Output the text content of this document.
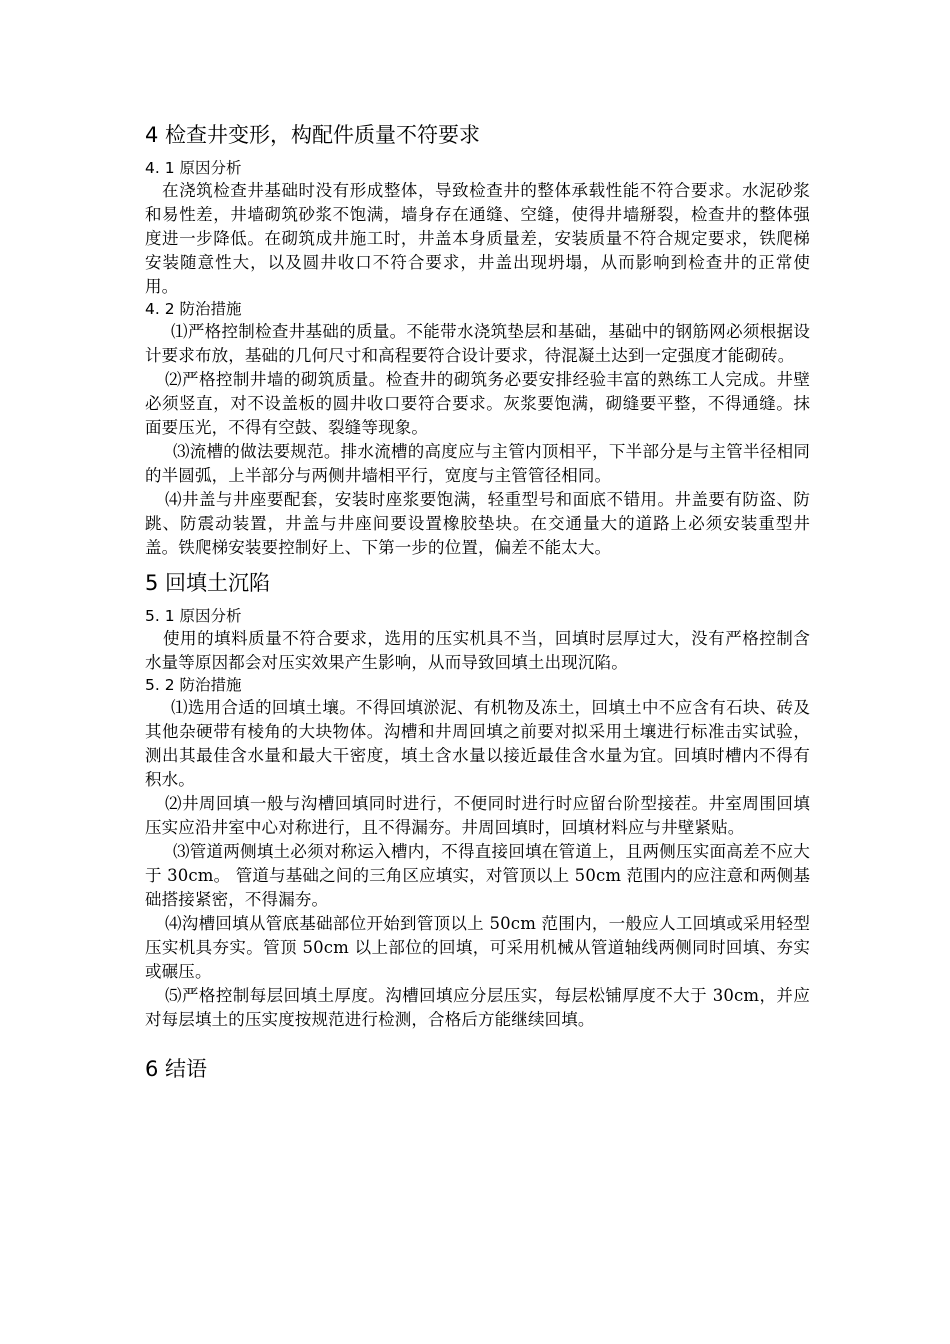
4 检查井变形，构配件质量不符要求
4. 1 原因分析

在浇筑检查井基础时没有形成整体，导致检查井的整体承载性能不符合要求。水泥砂浆和易性差，井墙砌筑砂浆不饱满，墙身存在通缝、空缝，使得井墙掰裂，检查井的整体强度进一步降低。在砌筑成井施工时，井盖本身质量差，安装质量不符合规定要求，铁爬梯安装随意性大，以及圆井收口不符合要求，井盖出现坍塌，从而影响到检查井的正常使用。

4. 2 防治措施

⑴严格控制检查井基础的质量。不能带水浇筑垫层和基础，基础中的钢筋网必须根据设计要求布放，基础的几何尺寸和高程要符合设计要求，待混凝土达到一定强度才能砌砖。

⑵严格控制井墙的砌筑质量。检查井的砌筑务必要安排经验丰富的熟练工人完成。井壁必须竖直，对不设盖板的圆井收口要符合要求。灰浆要饱满，砌缝要平整，不得通缝。抹面要压光，不得有空鼓、裂缝等现象。

⑶流槽的做法要规范。排水流槽的高度应与主管内顶相平，下半部分是与主管半径相同的半圆弧，上半部分与两侧井墙相平行，宽度与主管管径相同。

⑷井盖与井座要配套，安装时座浆要饱满，轻重型号和面底不错用。井盖要有防盗、防跳、防震动装置，井盖与井座间要设置橡胶垫块。在交通量大的道路上必须安装重型井盖。铁爬梯安装要控制好上、下第一步的位置，偏差不能太大。

5 回填土沉陷
5. 1 原因分析

使用的填料质量不符合要求，选用的压实机具不当，回填时层厚过大，没有严格控制含水量等原因都会对压实效果产生影响，从而导致回填土出现沉陷。

5. 2 防治措施

⑴选用合适的回填土壤。不得回填淤泥、有机物及冻土，回填土中不应含有石块、砖及其他杂硬带有棱角的大块物体。沟槽和井周回填之前要对拟采用土壤进行标准击实试验，测出其最佳含水量和最大干密度，填土含水量以接近最佳含水量为宜。回填时槽内不得有积水。

⑵井周回填一般与沟槽回填同时进行，不便同时进行时应留台阶型接茬。井室周围回填压实应沿井室中心对称进行，且不得漏夯。井周回填时，回填材料应与井壁紧贴。

⑶管道两侧填土必须对称运入槽内，不得直接回填在管道上，且两侧压实面高差不应大于 30cm。 管道与基础之间的三角区应填实，对管顶以上 50cm 范围内的应注意和两侧基础搭接紧密，不得漏夯。

⑷沟槽回填从管底基础部位开始到管顶以上 50cm 范围内，一般应人工回填或采用轻型压实机具夯实。管顶 50cm 以上部位的回填，可采用机械从管道轴线两侧同时回填、夯实或碾压。

⑸严格控制每层回填土厚度。沟槽回填应分层压实，每层松铺厚度不大于 30cm，并应对每层填土的压实度按规范进行检测，合格后方能继续回填。

6 结语
